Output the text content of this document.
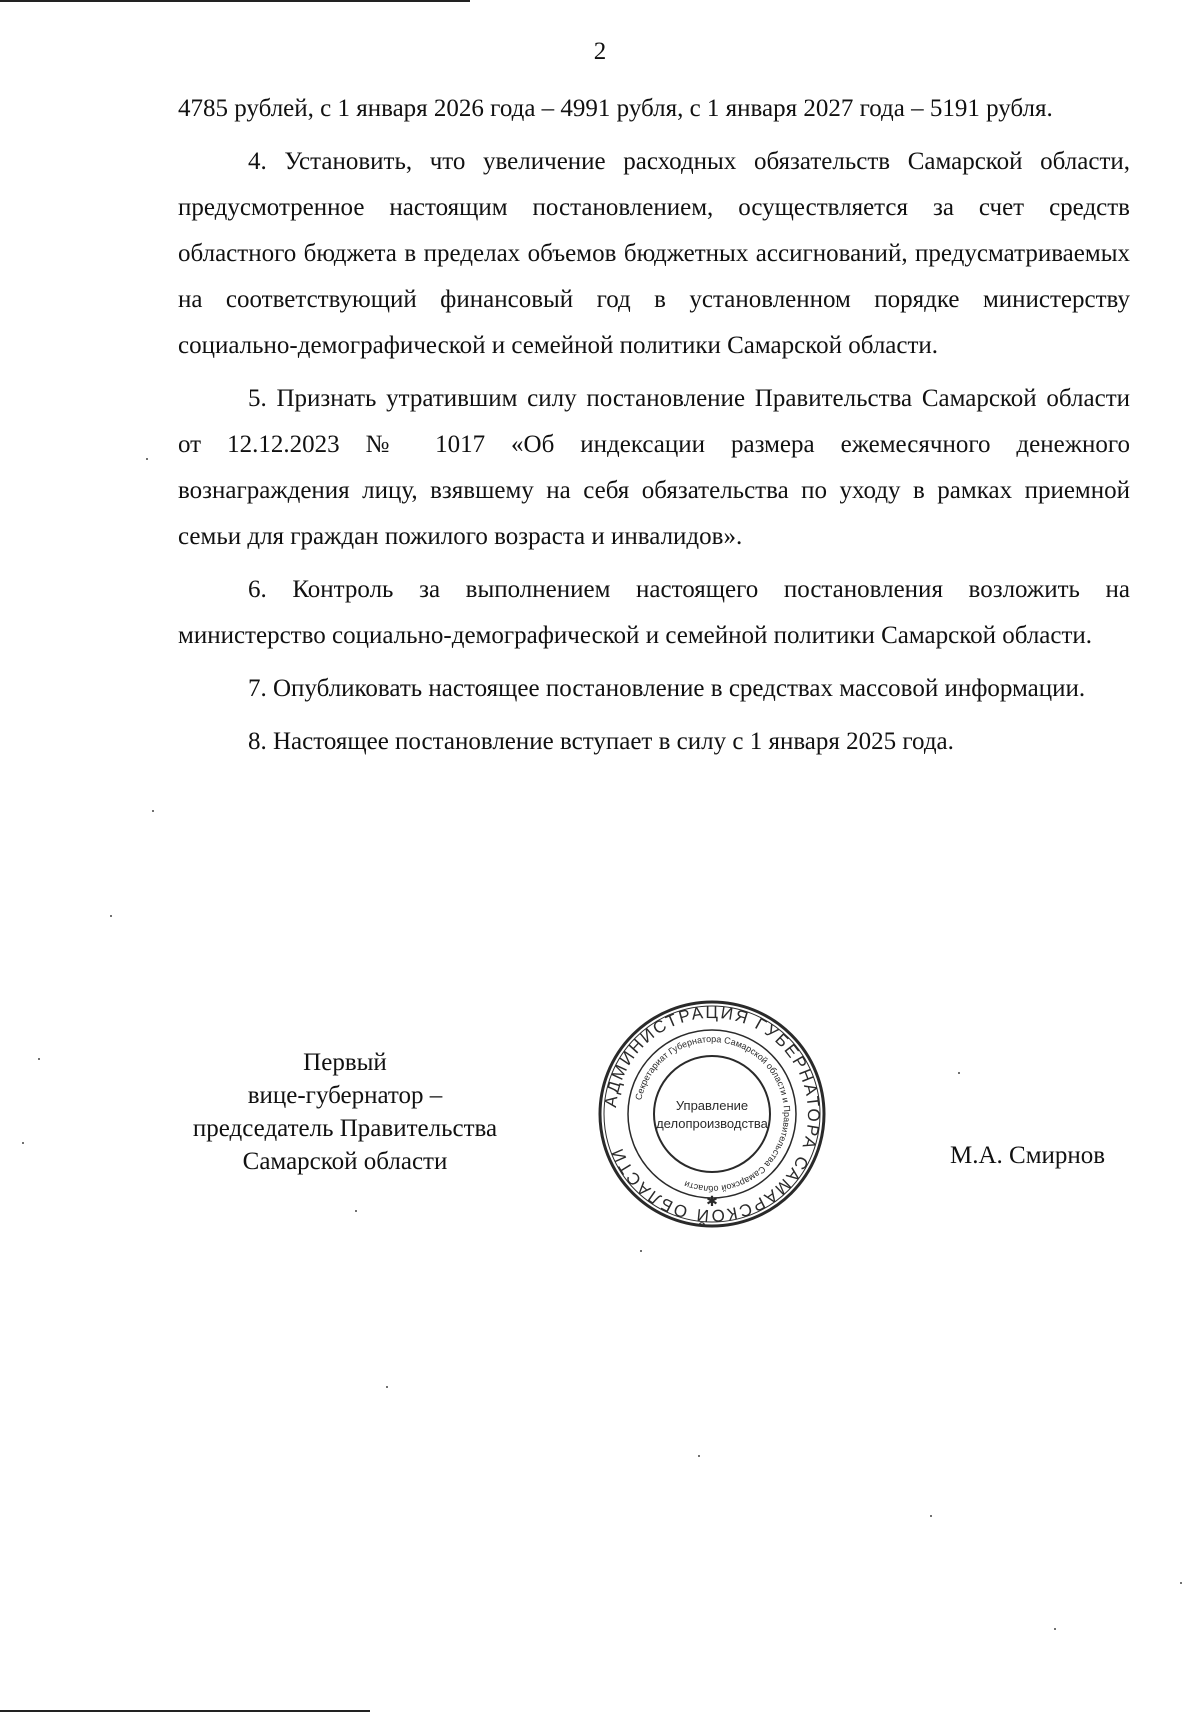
2

4785 рублей, с 1 января 2026 года – 4991 рубля, с 1 января 2027 года – 5191 рубля.

4. Установить, что увеличение расходных обязательств Самарской области, предусмотренное настоящим постановлением, осуществляется за счет средств областного бюджета в пределах объемов бюджетных ассигнований, предусматриваемых на соответствующий финансовый год в установленном порядке министерству социально-демографической и семейной политики Самарской области.

5. Признать утратившим силу постановление Правительства Самарской области от 12.12.2023 № 1017 «Об индексации размера ежемесячного денежного вознаграждения лицу, взявшему на себя обязательства по уходу в рамках приемной семьи для граждан пожилого возраста и инвалидов».

6. Контроль за выполнением настоящего постановления возложить на министерство социально-демографической и семейной политики Самарской области.

7. Опубликовать настоящее постановление в средствах массовой информации.

8. Настоящее постановление вступает в силу с 1 января 2025 года.

Первый
вице-губернатор –
председатель Правительства
Самарской области
АДМИНИСТРАЦИЯ ГУБЕРНАТОРА САМАРСКОЙ ОБЛАСТИ
Секретариат Губернатора Самарской области и Правительства Самарской области
Управление
делопроизводства
✱
М.А. Смирнов
